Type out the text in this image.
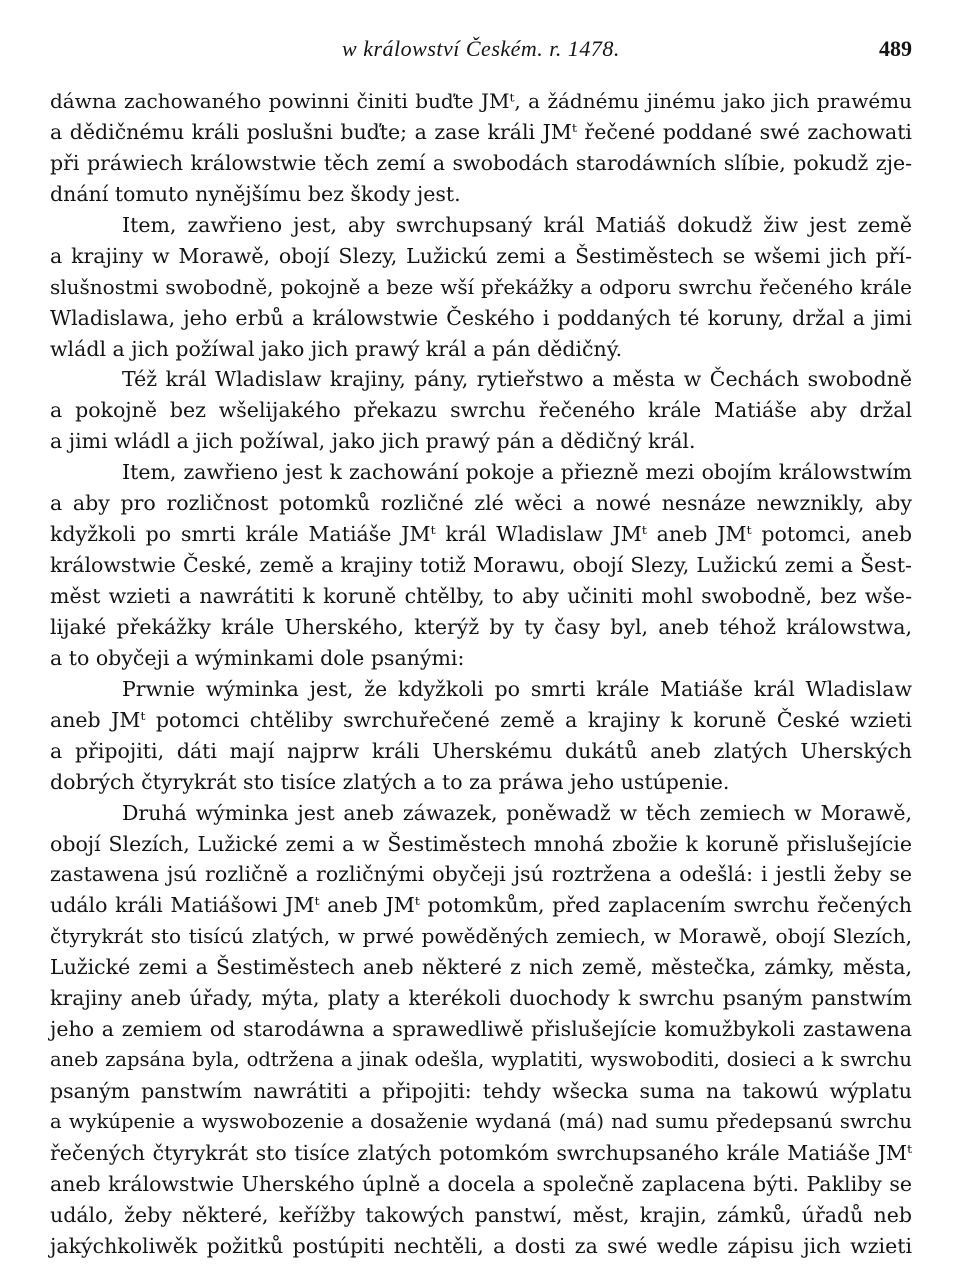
w králowství Českém. r. 1478.	489
dáwna zachowaného powinni činiti buďte JMᵗ, a žádnému jinému jako jich prawému
a dědičnému králi poslušni buďte; a zase králi JMᵗ řečené poddané swé zachowati
při práwiech králowstwie těch zemí a swobodách starodáwních slíbie, pokudž zje-
dnání tomuto nynějšímu bez škody jest.
Item, zawřieno jest, aby swrchupsaný král Matiáš dokudž žiw jest země
a krajiny w Morawě, obojí Slezy, Lužickú zemi a Šestiměstech se wšemi jich pří-
slušnostmi swobodně, pokojně a beze wší překážky a odporu swrchu řečeného krále
Wladislawa, jeho erbů a králowstwie Českého i poddaných té koruny, držal a jimi
wládl a jich požíwal jako jich prawý král a pán dědičný.
Též král Wladislaw krajiny, pány, rytieřstwo a města w Čechách swobodně
a pokojně bez wšelijakého překazu swrchu řečeného krále Matiáše aby držal
a jimi wládl a jich požíwal, jako jich prawý pán a dědičný král.
Item, zawřieno jest k zachowání pokoje a přiezně mezi obojím králowstwím
a aby pro rozličnost potomků rozličné zlé wěci a nowé nesnáze newznikly, aby
kdyžkoli po smrti krále Matiáše JMᵗ král Wladislaw JMᵗ aneb JMᵗ potomci, aneb
králowstwie České, země a krajiny totiž Morawu, obojí Slezy, Lužickú zemi a Šest-
měst wzieti a nawrátiti k koruně chtělby, to aby učiniti mohl swobodně, bez wše-
lijaké překážky krále Uherského, kterýž by ty časy byl, aneb téhož králowstwa,
a to obyčeji a wýminkami dole psanými:
Prwnie wýminka jest, že kdyžkoli po smrti krále Matiáše král Wladislaw
aneb JMᵗ potomci chtěliby swrchuřečené země a krajiny k koruně České wzieti
a připojiti, dáti mají najprw králi Uherskému dukátů aneb zlatých Uherských
dobrých čtyrykrát sto tisíce zlatých a to za práwa jeho ustúpenie.
Druhá wýminka jest aneb záwazek, poněwadž w těch zemiech w Morawě,
obojí Slezích, Lužické zemi a w Šestiměstech mnohá zbožie k koruně přislušejície
zastawena jsú rozličně a rozličnými obyčeji jsú roztržena a odešlá: i jestli žeby se
událo králi Matiášowi JMᵗ aneb JMᵗ potomkům, před zaplacením swrchu řečených
čtyrykrát sto tisícú zlatých, w prwé powěděných zemiech, w Morawě, obojí Slezích,
Lužické zemi a Šestiměstech aneb některé z nich země, městečka, zámky, města,
krajiny aneb úřady, mýta, platy a kterékoli duochody k swrchu psaným panstwím
jeho a zemiem od starodáwna a sprawedliwě přislušejície komužbykoli zastawena
aneb zapsána byla, odtržena a jinak odešla, wyplatiti, wyswoboditi, dosieci a k swrchu
psaným panstwím nawrátiti a připojiti: tehdy wšecka suma na takowú wýplatu
a wykúpenie a wyswobozenie a dosaženie wydaná (má) nad sumu předepsanú swrchu
řečených čtyrykrát sto tisíce zlatých potomkóm swrchupsaného krále Matiáše JMᵗ
aneb králowstwie Uherského úplně a docela a společně zaplacena býti. Pakliby se
událo, žeby některé, keřížby takowých panstwí, měst, krajin, zámků, úřadů neb
jakýchkoliwěk požitků postúpiti nechtěli, a dosti za swé wedle zápisu jich wzieti
